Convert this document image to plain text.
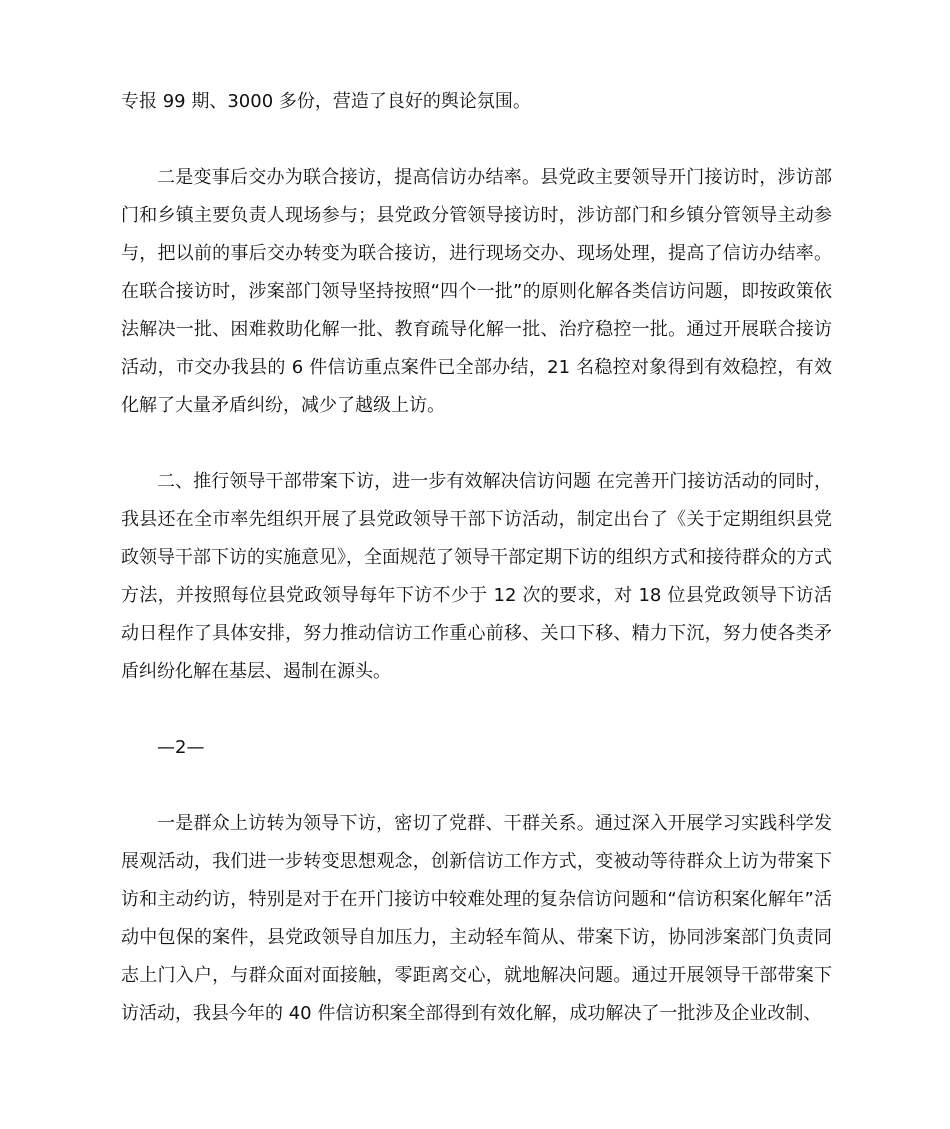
专报 99 期、3000 多份，营造了良好的舆论氛围。

二是变事后交办为联合接访，提高信访办结率。县党政主要领导开门接访时，涉访部门和乡镇主要负责人现场参与；县党政分管领导接访时，涉访部门和乡镇分管领导主动参与，把以前的事后交办转变为联合接访，进行现场交办、现场处理，提高了信访办结率。在联合接访时，涉案部门领导坚持按照“四个一批”的原则化解各类信访问题，即按政策依法解决一批、困难救助化解一批、教育疏导化解一批、治疗稳控一批。通过开展联合接访活动，市交办我县的 6 件信访重点案件已全部办结，21 名稳控对象得到有效稳控，有效化解了大量矛盾纠纷，减少了越级上访。

二、推行领导干部带案下访，进一步有效解决信访问题 在完善开门接访活动的同时，我县还在全市率先组织开展了县党政领导干部下访活动，制定出台了《关于定期组织县党政领导干部下访的实施意见》，全面规范了领导干部定期下访的组织方式和接待群众的方式方法，并按照每位县党政领导每年下访不少于 12 次的要求，对 18 位县党政领导下访活动日程作了具体安排，努力推动信访工作重心前移、关口下移、精力下沉，努力使各类矛盾纠纷化解在基层、遏制在源头。

—2—

一是群众上访转为领导下访，密切了党群、干群关系。通过深入开展学习实践科学发展观活动，我们进一步转变思想观念，创新信访工作方式，变被动等待群众上访为带案下访和主动约访，特别是对于在开门接访中较难处理的复杂信访问题和“信访积案化解年”活动中包保的案件，县党政领导自加压力，主动轻车简从、带案下访，协同涉案部门负责同志上门入户，与群众面对面接触，零距离交心，就地解决问题。通过开展领导干部带案下访活动，我县今年的 40 件信访积案全部得到有效化解，成功解决了一批涉及企业改制、
